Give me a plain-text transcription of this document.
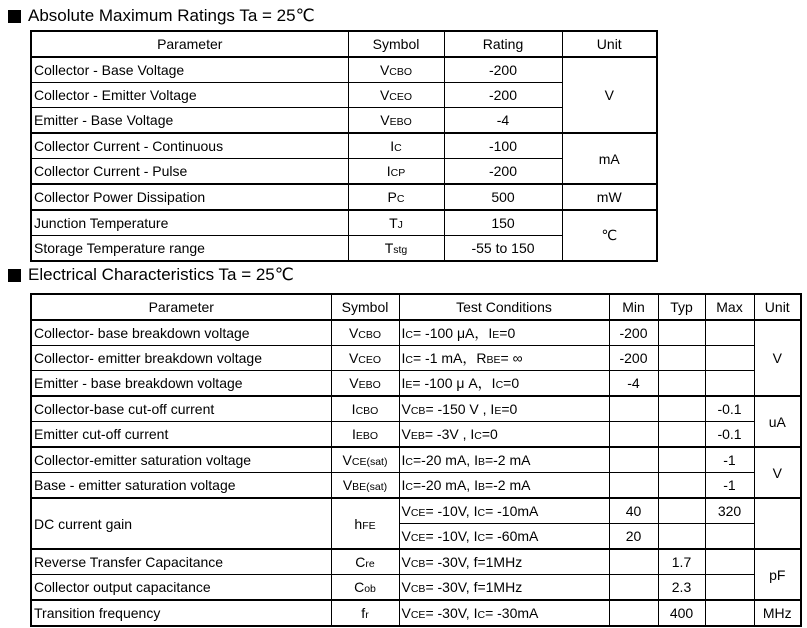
Absolute Maximum Ratings Ta = 25℃
Parameter	Symbol	Rating	Unit
Collector - Base Voltage	VCBO	-200	V
Collector - Emitter Voltage	VCEO	-200	
Emitter - Base Voltage	VEBO	-4	
Collector Current - Continuous	IC	-100	mA
Collector Current - Pulse	ICP	-200	
Collector Power Dissipation	PC	500	mW
Junction Temperature	TJ	150	℃
Storage Temperature range	Tstg	-55 to 150	
Electrical Characteristics Ta = 25℃
Parameter	Symbol	Test Conditions	Min	Typ	Max	Unit
Collector- base breakdown voltage	VCBO	IC= -100 μA，IE=0	-200			V
Collector- emitter breakdown voltage	VCEO	IC= -1 mA，RBE= ∞	-200			
Emitter - base breakdown voltage	VEBO	IE= -100 μ A，IC=0	-4			
Collector-base cut-off current	ICBO	VCB= -150 V , IE=0			-0.1	uA
Emitter cut-off current	IEBO	VEB= -3V , IC=0			-0.1	
Collector-emitter saturation voltage	VCE(sat)	IC=-20 mA, IB=-2 mA			-1	V
Base - emitter saturation voltage	VBE(sat)	IC=-20 mA, IB=-2 mA			-1	
DC current gain	hFE	VCE= -10V, IC= -10mA	40		320	
		VCE= -10V, IC= -60mA	20			
Reverse Transfer Capacitance	Cre	VCB= -30V, f=1MHz		1.7		pF
Collector output capacitance	Cob	VCB= -30V, f=1MHz		2.3		
Transition frequency	fr	VCE= -30V, IC= -30mA		400		MHz
